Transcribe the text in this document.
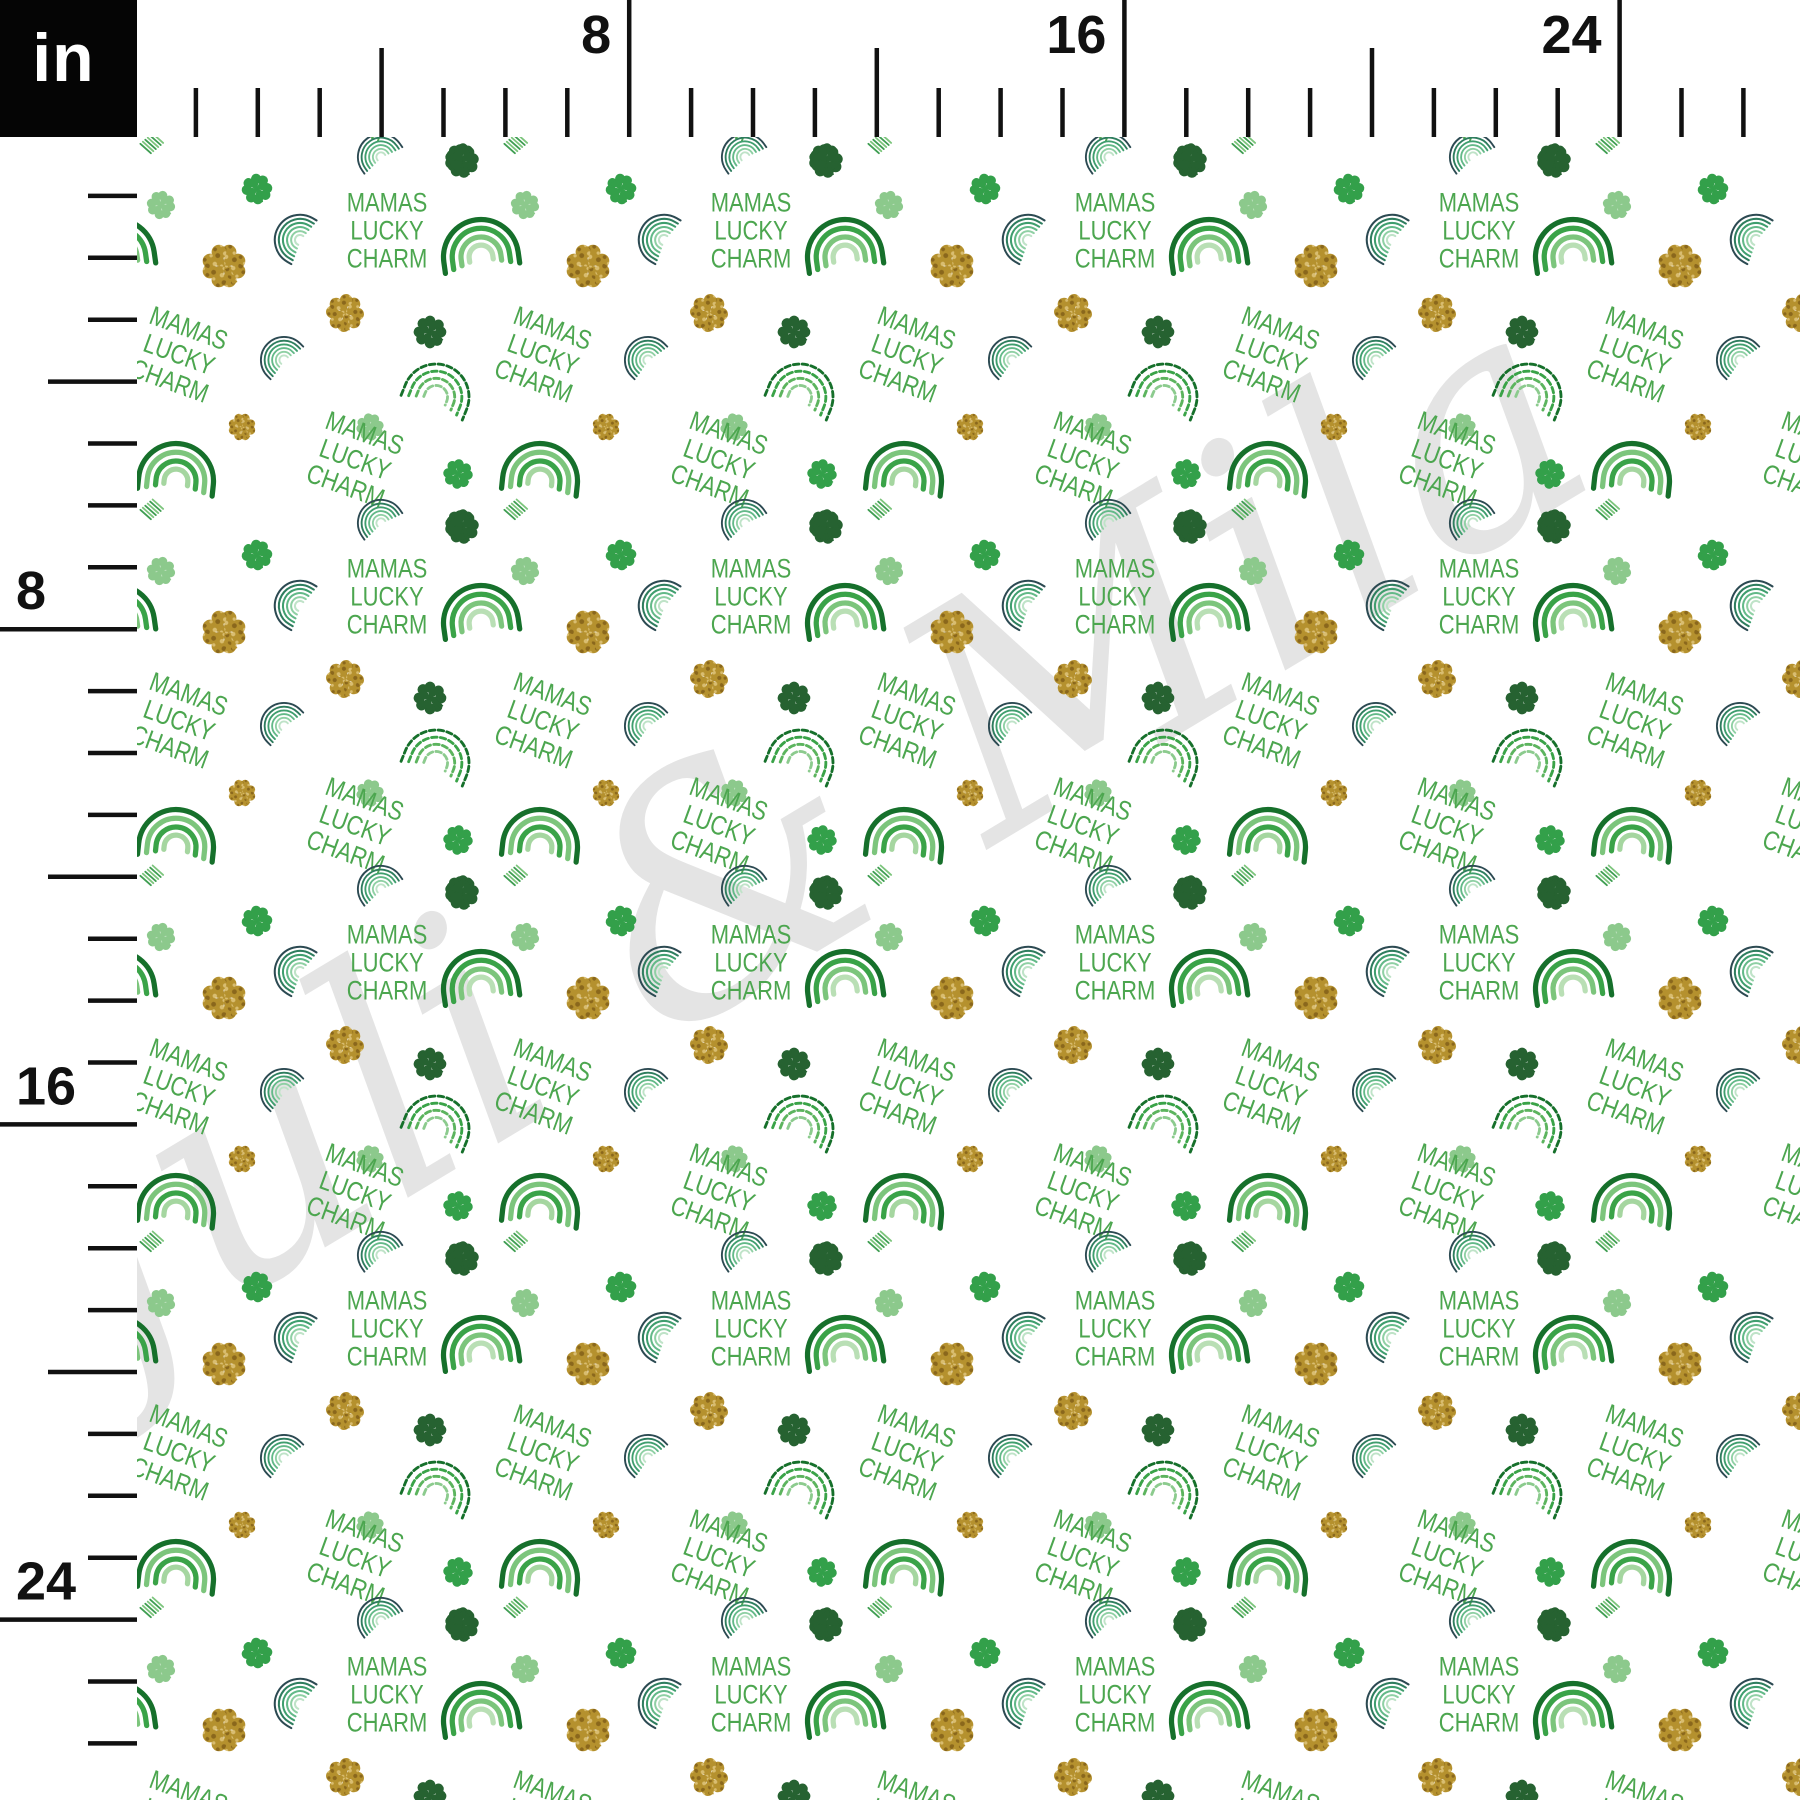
Juli Mila
8	16	24
8
16
24
in
